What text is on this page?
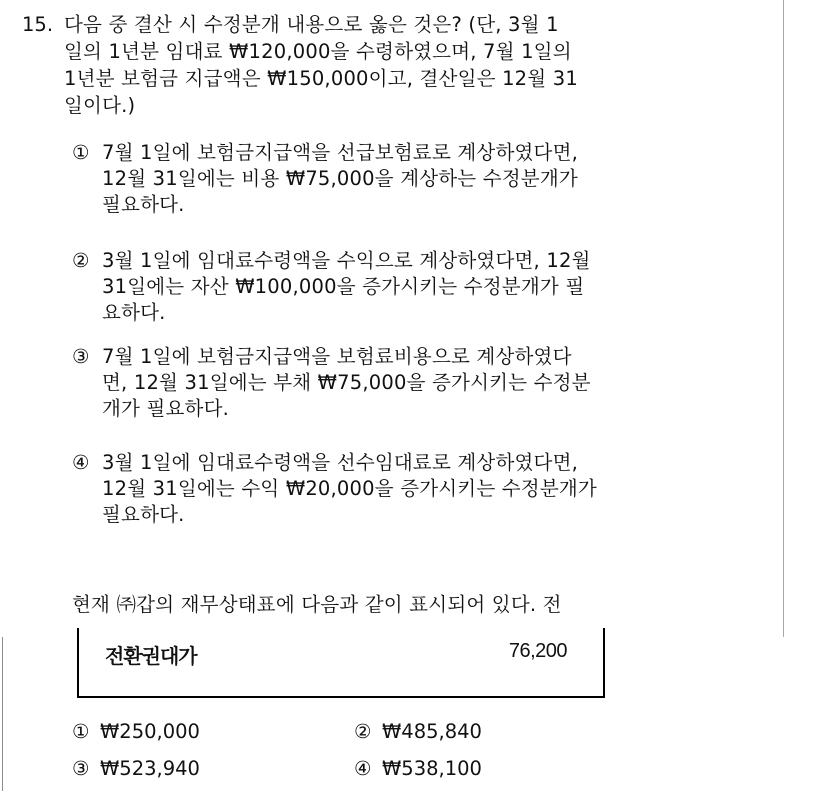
15. 다음 중 결산 시 수정분개 내용으로 옳은 것은? (단, 3월 1
일의 1년분 임대료 ₩120,000을 수령하였으며, 7월 1일의
1년분 보험금 지급액은 ₩150,000이고, 결산일은 12월 31
일이다.)
① 7월 1일에 보험금지급액을 선급보험료로 계상하였다면,
12월 31일에는 비용 ₩75,000을 계상하는 수정분개가
필요하다.
② 3월 1일에 임대료수령액을 수익으로 계상하였다면, 12월
31일에는 자산 ₩100,000을 증가시키는 수정분개가 필
요하다.
③ 7월 1일에 보험금지급액을 보험료비용으로 계상하였다
면, 12월 31일에는 부채 ₩75,000을 증가시키는 수정분
개가 필요하다.
④ 3월 1일에 임대료수령액을 선수임대료로 계상하였다면,
12월 31일에는 수익 ₩20,000을 증가시키는 수정분개가
필요하다.
현재 ㈜갑의 재무상태표에 다음과 같이 표시되어 있다. 전
전환권대가	76,200
① ₩250,000	② ₩485,840
③ ₩523,940	④ ₩538,100
